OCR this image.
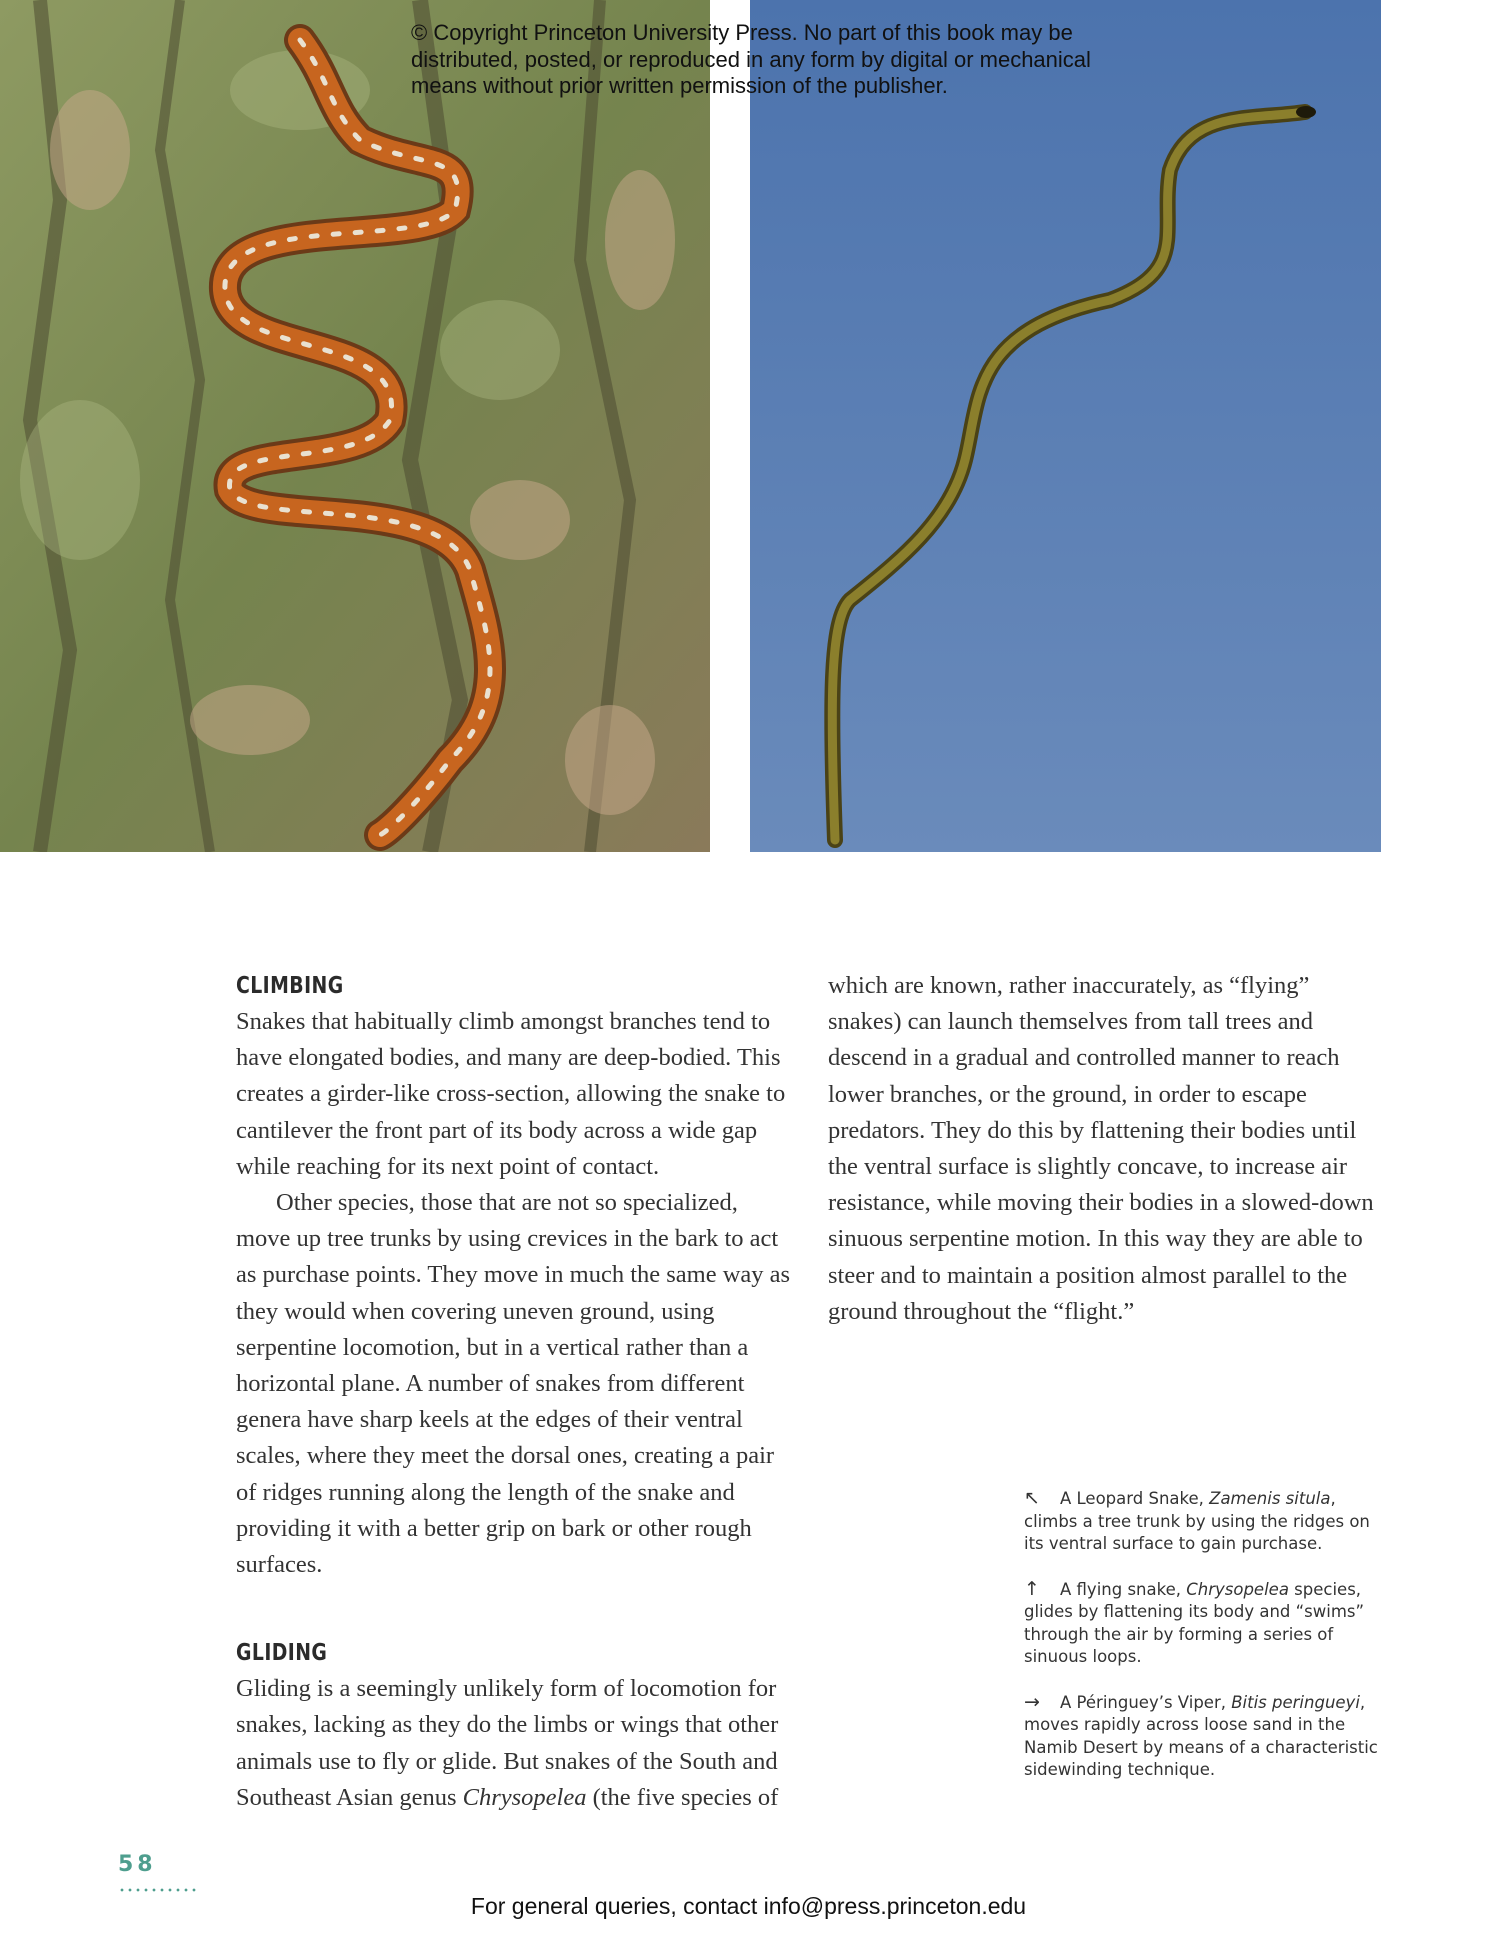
© Copyright Princeton University Press. No part of this book may be
distributed, posted, or reproduced in any form by digital or mechanical
means without prior written permission of the publisher.
CLIMBING

Snakes that habitually climb amongst branches tend to have elongated bodies, and many are deep-bodied. This creates a girder-like cross-section, allowing the snake to cantilever the front part of its body across a wide gap while reaching for its next point of contact.

Other species, those that are not so specialized, move up tree trunks by using crevices in the bark to act as purchase points. They move in much the same way as they would when covering uneven ground, using serpentine locomotion, but in a vertical rather than a horizontal plane. A number of snakes from different genera have sharp keels at the edges of their ventral scales, where they meet the dorsal ones, creating a pair of ridges running along the length of the snake and providing it with a better grip on bark or other rough surfaces.

GLIDING

Gliding is a seemingly unlikely form of locomotion for snakes, lacking as they do the limbs or wings that other animals use to fly or glide. But snakes of the South and Southeast Asian genus Chrysopelea (the five species of

which are known, rather inaccurately, as “flying” snakes) can launch themselves from tall trees and descend in a gradual and controlled manner to reach lower branches, or the ground, in order to escape predators. They do this by flattening their bodies until the ventral surface is slightly concave, to increase air resistance, while moving their bodies in a slowed-down sinuous serpentine motion. In this way they are able to steer and to maintain a position almost parallel to the ground throughout the “flight.”

↖ A Leopard Snake, Zamenis situla, climbs a tree trunk by using the ridges on its ventral surface to gain purchase.

↑ A flying snake, Chrysopelea species, glides by flattening its body and “swims” through the air by forming a series of sinuous loops.

→ A Péringuey’s Viper, Bitis peringueyi, moves rapidly across loose sand in the Namib Desert by means of a characteristic sidewinding technique.

58
For general queries, contact info@press.princeton.edu
